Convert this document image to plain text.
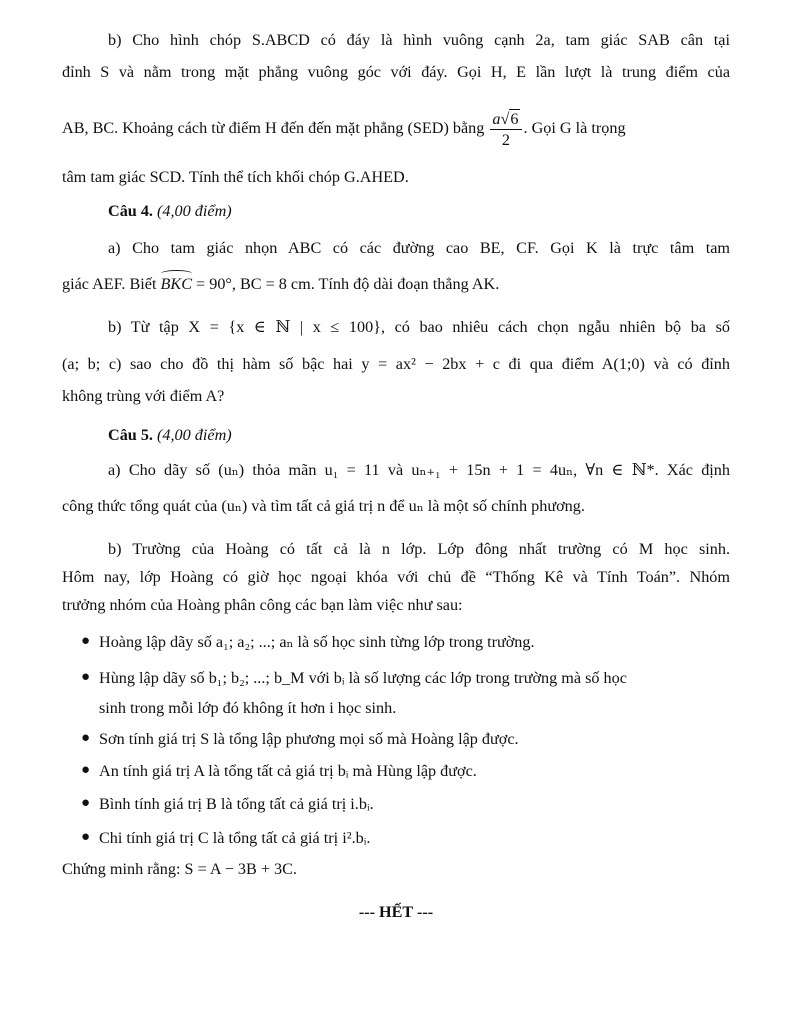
b) Cho hình chóp S.ABCD có đáy là hình vuông cạnh 2a, tam giác SAB cân tại
đỉnh S và nằm trong mặt phẳng vuông góc với đáy. Gọi H, E lần lượt là trung điểm của
AB, BC. Khoảng cách từ điểm H đến đến mặt phẳng (SED) bằng $\frac{a√6}{2}$ . Gọi G là trọng
tâm tam giác SCD. Tính thể tích khối chóp G.AHED.
Câu 4. (4,00 điểm)
a) Cho tam giác nhọn ABC có các đường cao BE, CF. Gọi K là trực tâm tam
giác AEF. Biết BKC = 90°, BC = 8 cm. Tính độ dài đoạn thẳng AK.
b) Từ tập X = {x ∈ ℕ | x ≤ 100}, có bao nhiêu cách chọn ngẫu nhiên bộ ba số
(a; b; c) sao cho đồ thị hàm số bậc hai y = ax² − 2bx + c đi qua điểm A(1;0) và có đỉnh
không trùng với điểm A?
Câu 5. (4,00 điểm)
a) Cho dãy số (uₙ) thỏa mãn u₁ = 11 và uₙ₊₁ + 15n + 1 = 4uₙ, ∀n ∈ ℕ*. Xác định
công thức tổng quát của (uₙ) và tìm tất cả giá trị n để uₙ là một số chính phương.
b) Trường của Hoàng có tất cả là n lớp. Lớp đông nhất trường có M học sinh.
Hôm nay, lớp Hoàng có giờ học ngoại khóa với chủ đề “Thống Kê và Tính Toán”. Nhóm
trưởng nhóm của Hoàng phân công các bạn làm việc như sau:
● Hoàng lập dãy số a₁; a₂; ...; aₙ là số học sinh từng lớp trong trường.
● Hùng lập dãy số b₁; b₂; ...; b_M với bᵢ là số lượng các lớp trong trường mà số học
sinh trong mỗi lớp đó không ít hơn i học sinh.
● Sơn tính giá trị S là tổng lập phương mọi số mà Hoàng lập được.
● An tính giá trị A là tổng tất cả giá trị bᵢ mà Hùng lập được.
● Bình tính giá trị B là tổng tất cả giá trị i.bᵢ.
● Chi tính giá trị C là tổng tất cả giá trị i².bᵢ.
Chứng minh rằng: S = A − 3B + 3C.
--- HẾT ---
